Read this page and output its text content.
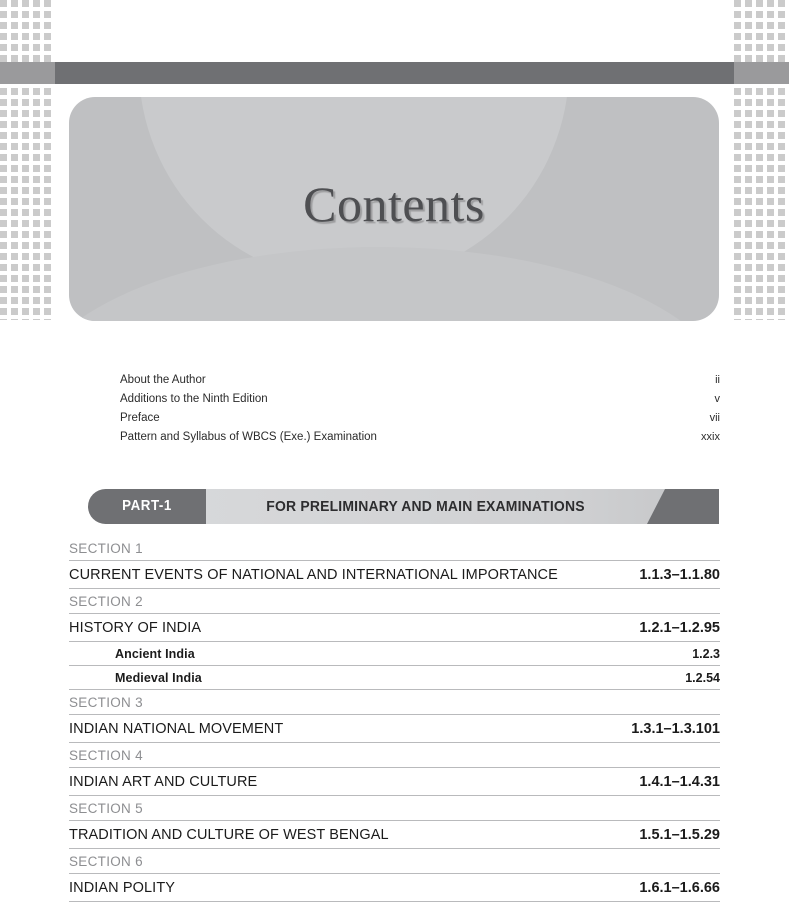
Contents
About the Author	ii
Additions to the Ninth Edition	v
Preface	vii
Pattern and Syllabus of WBCS (Exe.) Examination	xxix
FOR PRELIMINARY AND MAIN EXAMINATIONS
PART-1
SECTION 1
CURRENT EVENTS OF NATIONAL AND INTERNATIONAL IMPORTANCE	1.1.3–1.1.80
SECTION 2
HISTORY OF INDIA	1.2.1–1.2.95
Ancient India	1.2.3
Medieval India	1.2.54
SECTION 3
INDIAN NATIONAL MOVEMENT	1.3.1–1.3.101
SECTION 4
INDIAN ART AND CULTURE	1.4.1–1.4.31
SECTION 5
TRADITION AND CULTURE OF WEST BENGAL	1.5.1–1.5.29
SECTION 6
INDIAN POLITY	1.6.1–1.6.66
